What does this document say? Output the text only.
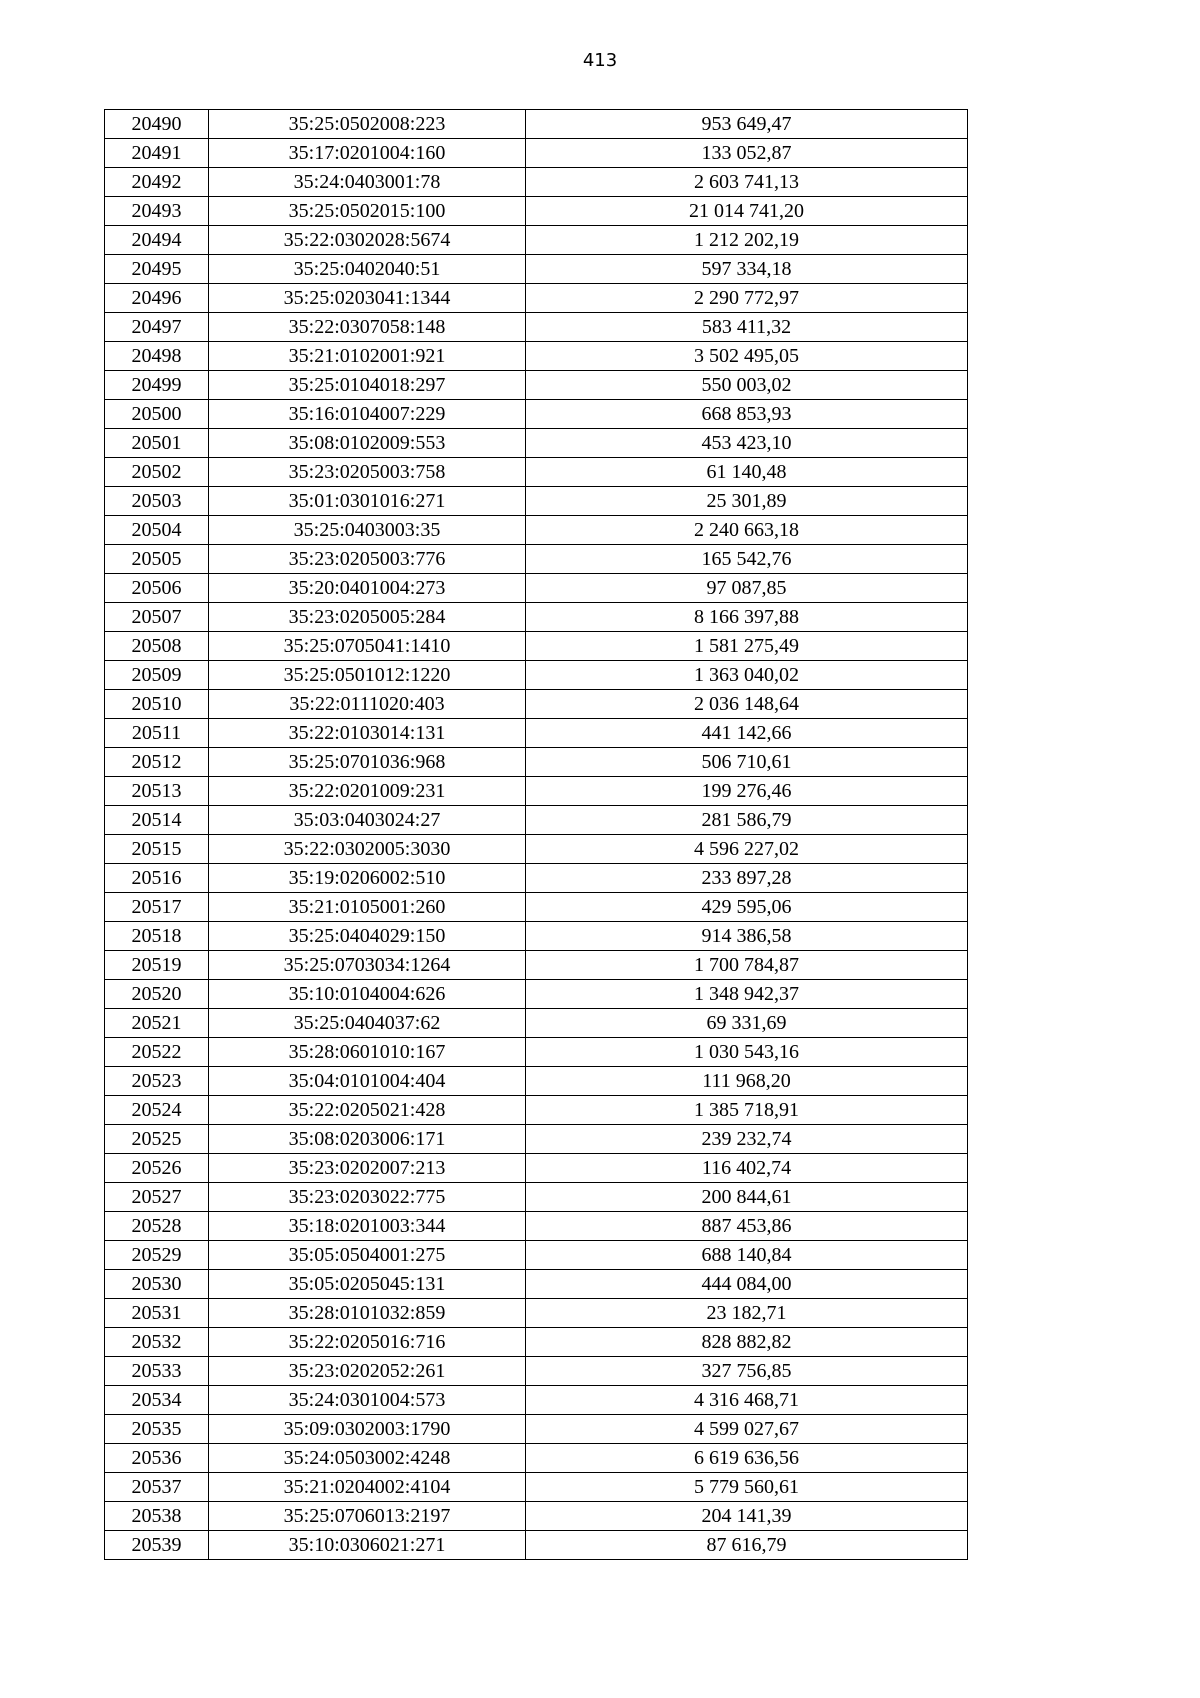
413
20490	35:25:0502008:223	953 649,47
20491	35:17:0201004:160	133 052,87
20492	35:24:0403001:78	2 603 741,13
20493	35:25:0502015:100	21 014 741,20
20494	35:22:0302028:5674	1 212 202,19
20495	35:25:0402040:51	597 334,18
20496	35:25:0203041:1344	2 290 772,97
20497	35:22:0307058:148	583 411,32
20498	35:21:0102001:921	3 502 495,05
20499	35:25:0104018:297	550 003,02
20500	35:16:0104007:229	668 853,93
20501	35:08:0102009:553	453 423,10
20502	35:23:0205003:758	61 140,48
20503	35:01:0301016:271	25 301,89
20504	35:25:0403003:35	2 240 663,18
20505	35:23:0205003:776	165 542,76
20506	35:20:0401004:273	97 087,85
20507	35:23:0205005:284	8 166 397,88
20508	35:25:0705041:1410	1 581 275,49
20509	35:25:0501012:1220	1 363 040,02
20510	35:22:0111020:403	2 036 148,64
20511	35:22:0103014:131	441 142,66
20512	35:25:0701036:968	506 710,61
20513	35:22:0201009:231	199 276,46
20514	35:03:0403024:27	281 586,79
20515	35:22:0302005:3030	4 596 227,02
20516	35:19:0206002:510	233 897,28
20517	35:21:0105001:260	429 595,06
20518	35:25:0404029:150	914 386,58
20519	35:25:0703034:1264	1 700 784,87
20520	35:10:0104004:626	1 348 942,37
20521	35:25:0404037:62	69 331,69
20522	35:28:0601010:167	1 030 543,16
20523	35:04:0101004:404	111 968,20
20524	35:22:0205021:428	1 385 718,91
20525	35:08:0203006:171	239 232,74
20526	35:23:0202007:213	116 402,74
20527	35:23:0203022:775	200 844,61
20528	35:18:0201003:344	887 453,86
20529	35:05:0504001:275	688 140,84
20530	35:05:0205045:131	444 084,00
20531	35:28:0101032:859	23 182,71
20532	35:22:0205016:716	828 882,82
20533	35:23:0202052:261	327 756,85
20534	35:24:0301004:573	4 316 468,71
20535	35:09:0302003:1790	4 599 027,67
20536	35:24:0503002:4248	6 619 636,56
20537	35:21:0204002:4104	5 779 560,61
20538	35:25:0706013:2197	204 141,39
20539	35:10:0306021:271	87 616,79
